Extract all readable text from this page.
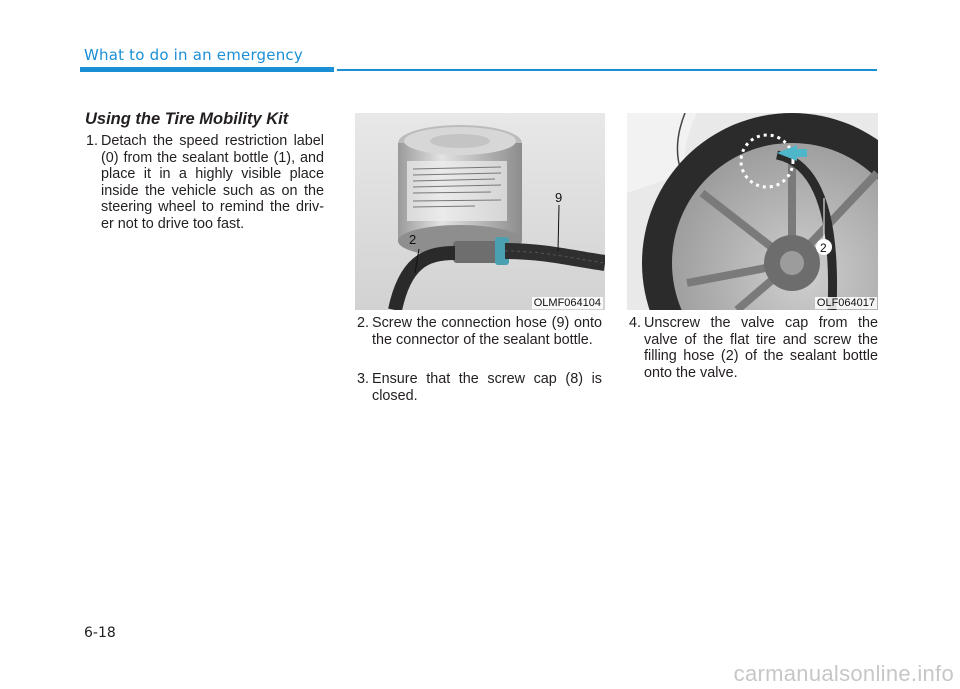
What to do in an emergency
Using the Tire Mobility Kit
1. Detach the speed restriction label (0) from the sealant bottle (1), and place it in a highly visible place inside the vehicle such as on the steering wheel to remind the driv-er not to drive too fast.
2
9
OLMF064104
2
OLF064017
2. Screw the connection hose (9) onto the connector of the sealant bottle.
3. Ensure that the screw cap (8) is closed.
4. Unscrew the valve cap from the valve of the flat tire and screw the filling hose (2) of the sealant bottle onto the valve.
6-18
carmanualsonline.info
